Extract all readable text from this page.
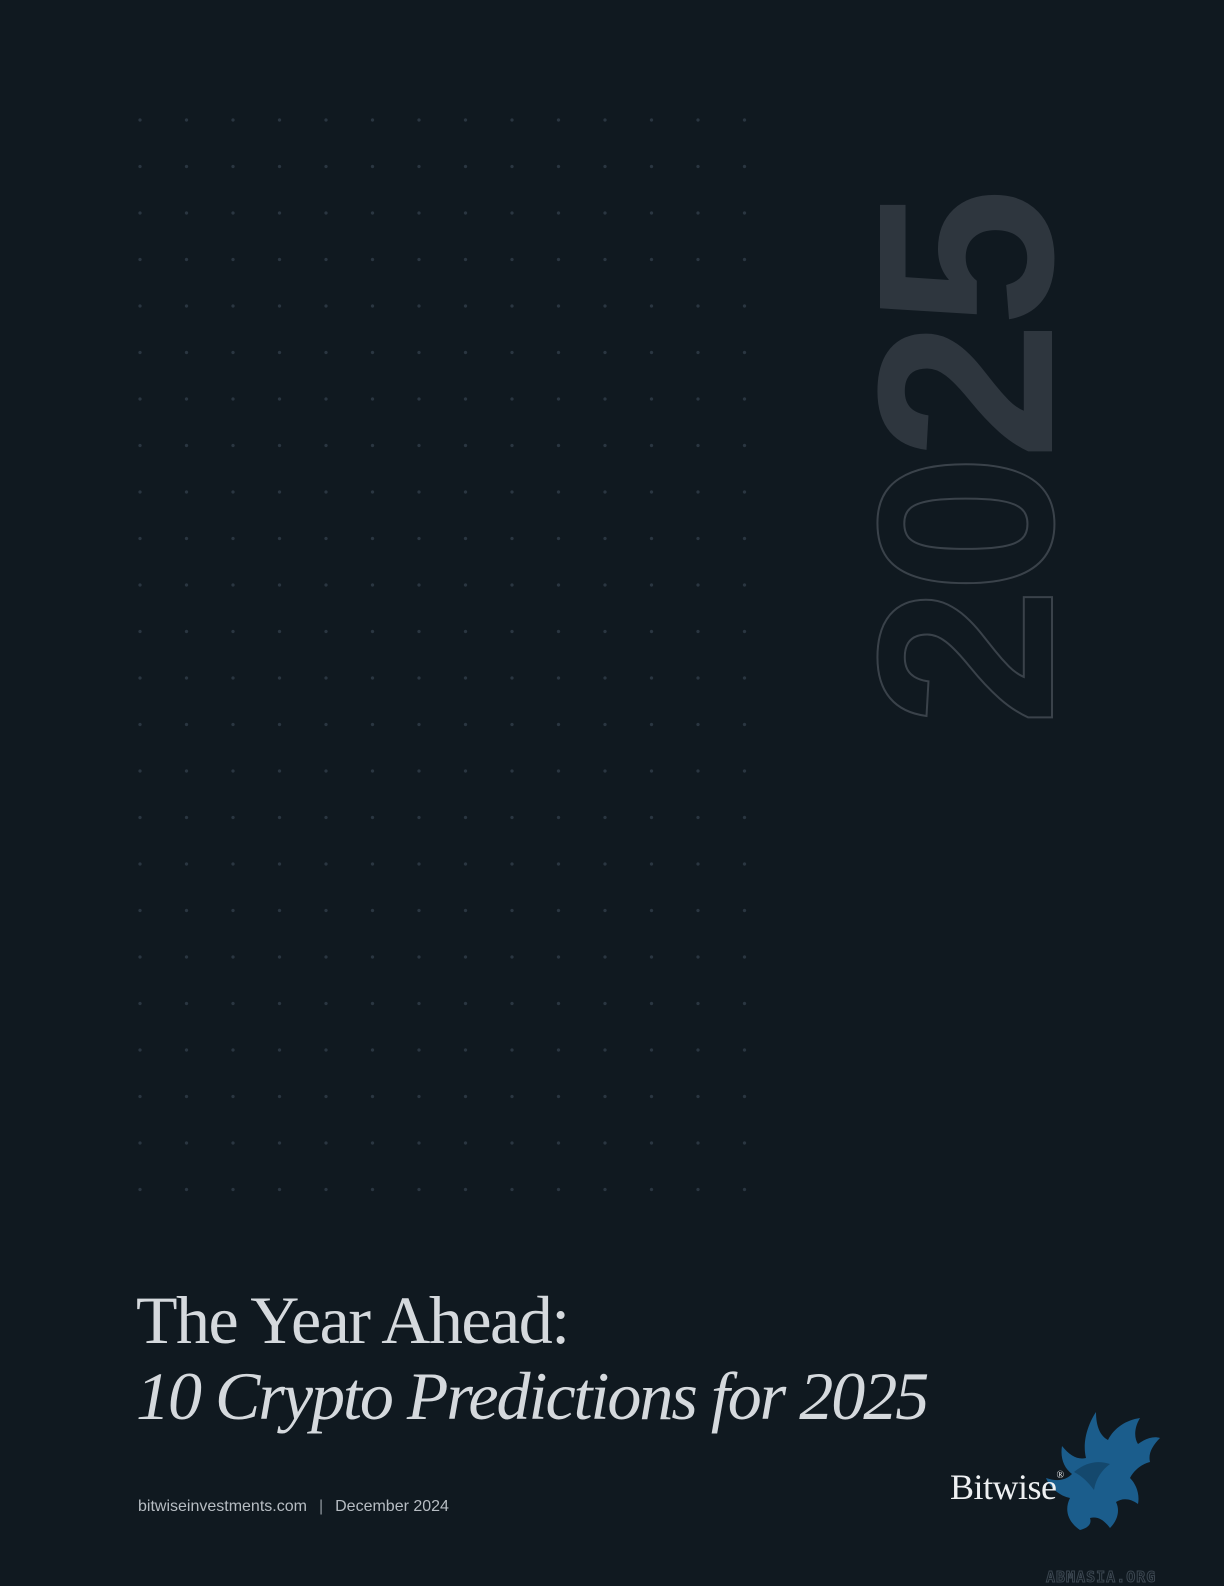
2025
The Year Ahead:
10 Crypto Predictions for 2025
bitwiseinvestments.com | December 2024	Bitwise®
ABMASIA.ORG
